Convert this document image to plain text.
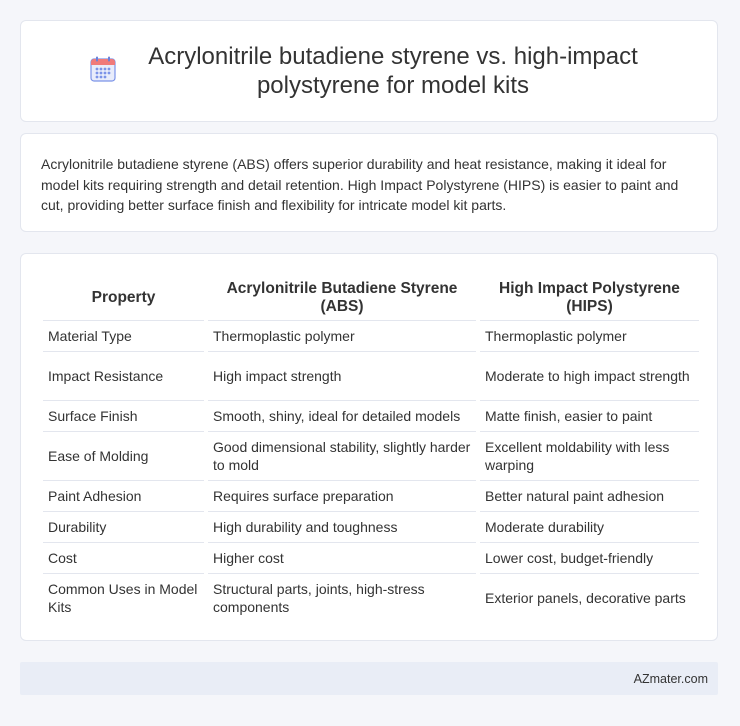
Acrylonitrile butadiene styrene vs. high-impact polystyrene for model kits

Acrylonitrile butadiene styrene (ABS) offers superior durability and heat resistance, making it ideal for model kits requiring strength and detail retention. High Impact Polystyrene (HIPS) is easier to paint and cut, providing better surface finish and flexibility for intricate model kit parts.

Property	Acrylonitrile Butadiene Styrene (ABS)	High Impact Polystyrene (HIPS)
Material Type	Thermoplastic polymer	Thermoplastic polymer
Impact Resistance	High impact strength	Moderate to high impact strength
Surface Finish	Smooth, shiny, ideal for detailed models	Matte finish, easier to paint
Ease of Molding	Good dimensional stability, slightly harder to mold	Excellent moldability with less warping
Paint Adhesion	Requires surface preparation	Better natural paint adhesion
Durability	High durability and toughness	Moderate durability
Cost	Higher cost	Lower cost, budget-friendly
Common Uses in Model Kits	Structural parts, joints, high-stress components	Exterior panels, decorative parts
AZmater.com
